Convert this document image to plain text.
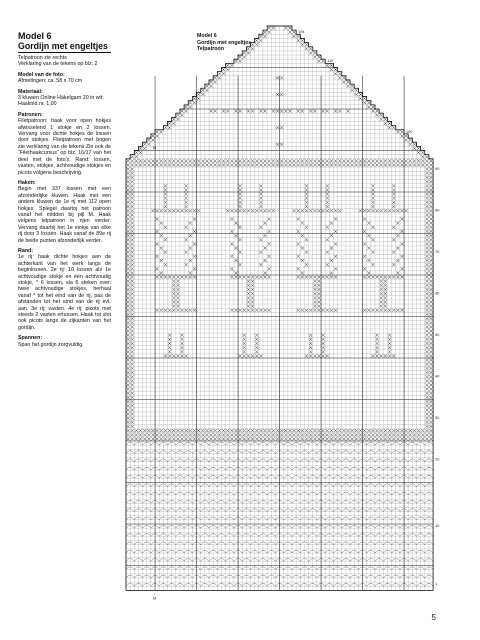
Model 6
Gordijn met engeltjes
Telpatroon zie rechts
Verklaring van de tekens op blz. 2
Model van de foto:
Afmetingen: ca. 58 x 70 cm
Materiaal:
3 kluwen Online Häkelgarn 20 in wit; Haaknld.nr. 1,00
Patronen:
Filetpatroon: haak voor open hokjes afwisselend 1 stokje en 2 lossen. Vervang voor dichte hokjes de lossen door stokjes. Filetpatroon met bogen zie verklaring van de tekens Zie ook de “Filethaakcursus” op blz. 16/17 van het deel met de foto’s. Rand: lossen, vasten, stokjes, achtvoudige stokjes en picots volgens beschrijving.
Haken:
Begin met 337 lossen met een afzonderlijke kluwen. Haak met een andere kluwen de 1e rij met 112 open hokjes. Spiegel daartoj het patroon vanaf het midden bij pijl M. Haak volgens telpatroon in rijen verder. Vervang daarbij het 1e stokje van elke rij door 3 lossen. Haak vanaf de 89e rij de beide punten afzonderlijk verder.
Rand:
1e rij: haak dichte hokjes aan de achterkant van het werk langs de beginlossen. 2e rij: 10 lossen als 1e achtvoudige stokje en één achtvoudig stokje, * 6 lossen, sla 6 steken over, twee achtvoudige stokjes, herhaal vanaf * tot het eind van de rij, pas de afstanden tot het eind van de rij evt. aan. 3e rij: vasten. 4e rij: picots met steeds 2 vasten ertussen. Haak tot slot ook picots langs de zijkanten van het gordijn.
Spannen:
Span het gordijn zorgvuldig.
Model 6
Gordijn met engeltjes
Telpatroon
104
110
100
90
80
70
60
50
40
30
20
10
1
M
↑
M
5
